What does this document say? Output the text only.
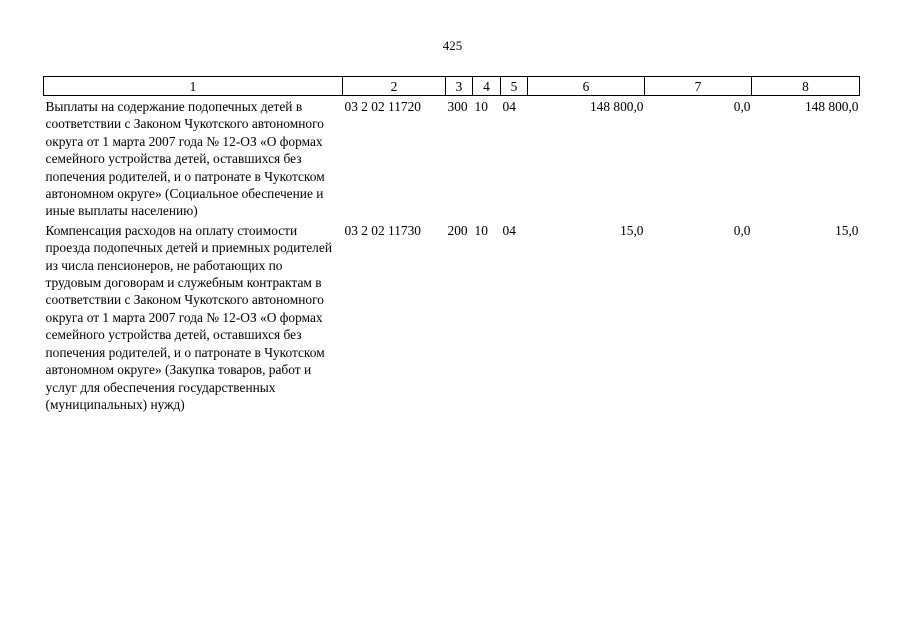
425
1	2	3	4	5	6	7	8
Выплаты на содержание подопечных детей в соответствии с Законом Чукотского автономного округа от 1 марта 2007 года № 12-ОЗ «О формах семейного устройства детей, оставшихся без попечения родителей, и о патронате в Чукотском автономном округе» (Социальное обеспечение и иные выплаты населению)	03 2 02 11720	300	10	04	148 800,0	0,0	148 800,0
Компенсация расходов на оплату стоимости проезда подопечных детей и приемных родителей из числа пенсионеров, не работающих по трудовым договорам и служебным контрактам в соответствии с Законом Чукотского автономного округа от 1 марта 2007 года № 12-ОЗ «О формах семейного устройства детей, оставшихся без попечения родителей, и о патронате в Чукотском автономном округе» (Закупка товаров, работ и услуг для обеспечения государственных (муниципальных) нужд)	03 2 02 11730	200	10	04	15,0	0,0	15,0
